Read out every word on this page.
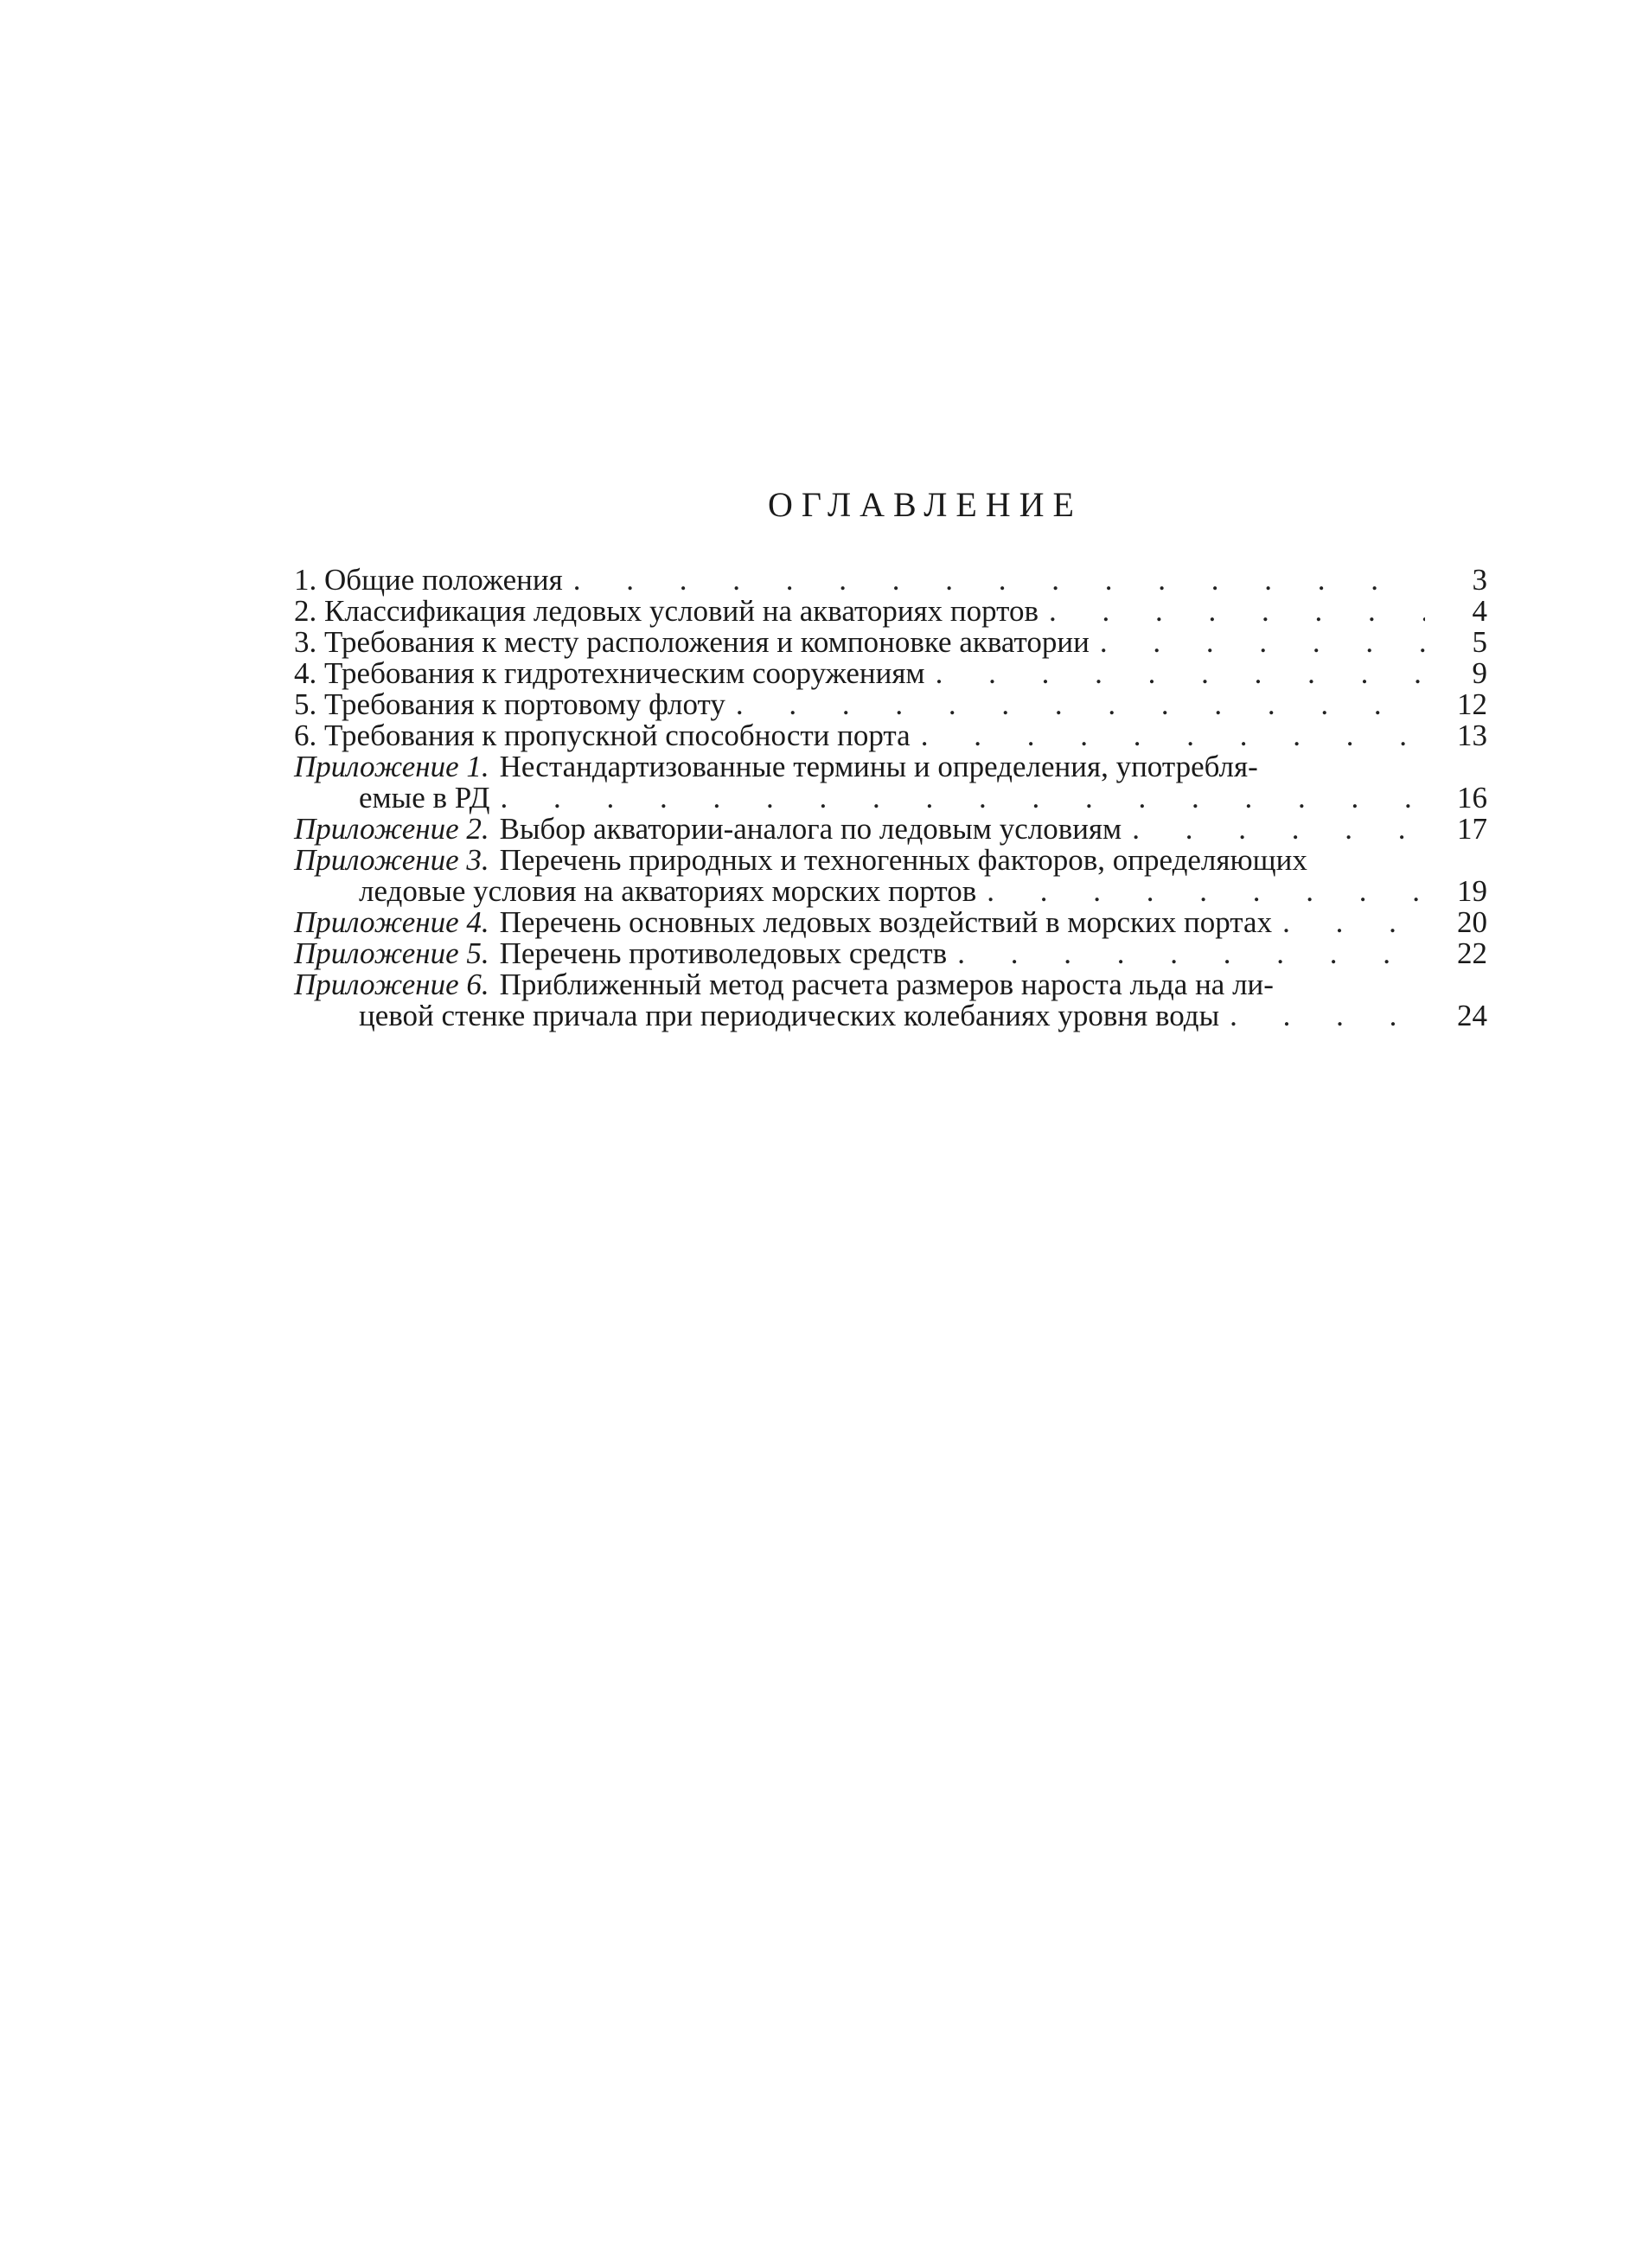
ОГЛАВЛЕНИЕ
1. Общие положения . . .	3
2. Классификация ледовых условий на акваториях портов . . .	4
3. Требования к месту расположения и компоновке акватории . . .	5
4. Требования к гидротехническим сооружениям . . .	9
5. Требования к портовому флоту . . .	12
6. Требования к пропускной способности порта . . .	13
Приложение 1. Нестандартизованные термины и определения, употребля-
емые в РД . . .	16
Приложение 2. Выбор акватории-аналога по ледовым условиям . . .	17
Приложение 3. Перечень природных и техногенных факторов, определяющих
ледовые условия на акваториях морских портов . . .	19
Приложение 4. Перечень основных ледовых воздействий в морских портах . . .	20
Приложение 5. Перечень противоледовых средств . . .	22
Приложение 6. Приближенный метод расчета размеров нароста льда на ли-
цевой стенке причала при периодических колебаниях уровня воды . . .	24
